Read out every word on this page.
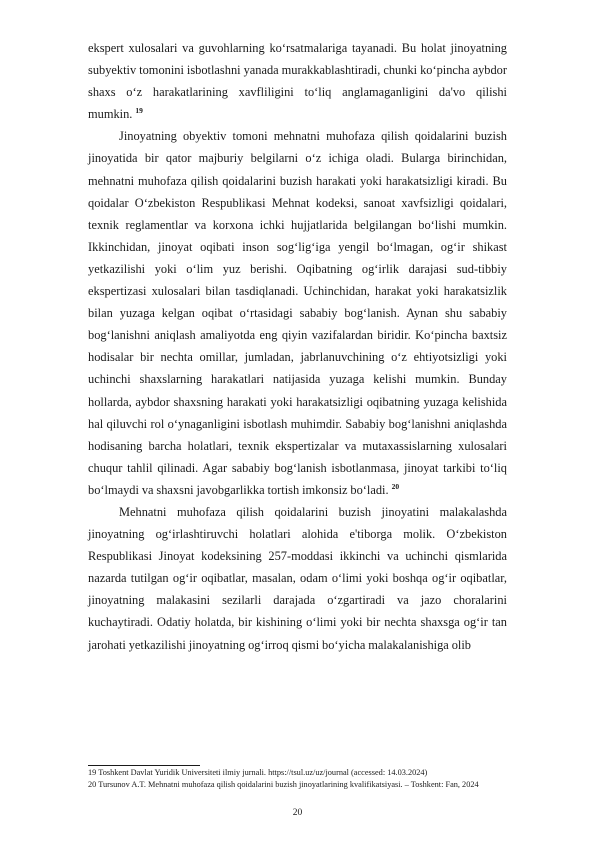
ekspert xulosalari va guvohlarning ko‘rsatmalariga tayanadi. Bu holat jinoyatning subyektiv tomonini isbotlashni yanada murakkablashtiradi, chunki ko‘pincha aybdor shaxs o‘z harakatlarining xavfliligini to‘liq anglamaganligini da'vo qilishi mumkin. $^{19}$

Jinoyatning obyektiv tomoni mehnatni muhofaza qilish qoidalarini buzish jinoyatida bir qator majburiy belgilarni o‘z ichiga oladi. Bularga birinchidan, mehnatni muhofaza qilish qoidalarini buzish harakati yoki harakatsizligi kiradi. Bu qoidalar O‘zbekiston Respublikasi Mehnat kodeksi, sanoat xavfsizligi qoidalari, texnik reglamentlar va korxona ichki hujjatlarida belgilangan bo‘lishi mumkin. Ikkinchidan, jinoyat oqibati inson sog‘lig‘iga yengil bo‘lmagan, og‘ir shikast yetkazilishi yoki o‘lim yuz berishi. Oqibatning og‘irlik darajasi sud-tibbiy ekspertizasi xulosalari bilan tasdiqlanadi. Uchinchidan, harakat yoki harakatsizlik bilan yuzaga kelgan oqibat o‘rtasidagi sababiy bog‘lanish. Aynan shu sababiy bog‘lanishni aniqlash amaliyotda eng qiyin vazifalardan biridir. Ko‘pincha baxtsiz hodisalar bir nechta omillar, jumladan, jabrlanuvchining o‘z ehtiyotsizligi yoki uchinchi shaxslarning harakatlari natijasida yuzaga kelishi mumkin. Bunday hollarda, aybdor shaxsning harakati yoki harakatsizligi oqibatning yuzaga kelishida hal qiluvchi rol o‘ynaganligini isbotlash muhimdir. Sababiy bog‘lanishni aniqlashda hodisaning barcha holatlari, texnik ekspertizalar va mutaxassislarning xulosalari chuqur tahlil qilinadi. Agar sababiy bog‘lanish isbotlanmasa, jinoyat tarkibi to‘liq bo‘lmaydi va shaxsni javobgarlikka tortish imkonsiz bo‘ladi. $^{20}$

Mehnatni muhofaza qilish qoidalarini buzish jinoyatini malakalashda jinoyatning og‘irlashtiruvchi holatlari alohida e'tiborga molik. O‘zbekiston Respublikasi Jinoyat kodeksining 257-moddasi ikkinchi va uchinchi qismlarida nazarda tutilgan og‘ir oqibatlar, masalan, odam o‘limi yoki boshqa og‘ir oqibatlar, jinoyatning malakasini sezilarli darajada o‘zgartiradi va jazo choralarini kuchaytiradi. Odatiy holatda, bir kishining o‘limi yoki bir nechta shaxsga og‘ir tan jarohati yetkazilishi jinoyatning og‘irroq qismi bo‘yicha malakalanishiga olib

19 Toshkent Davlat Yuridik Universiteti ilmiy jurnali. https://tsul.uz/uz/journal (accessed: 14.03.2024)
20 Tursunov A.T. Mehnatni muhofaza qilish qoidalarini buzish jinoyatlarining kvalifikatsiyasi. – Toshkent: Fan, 2024
20
